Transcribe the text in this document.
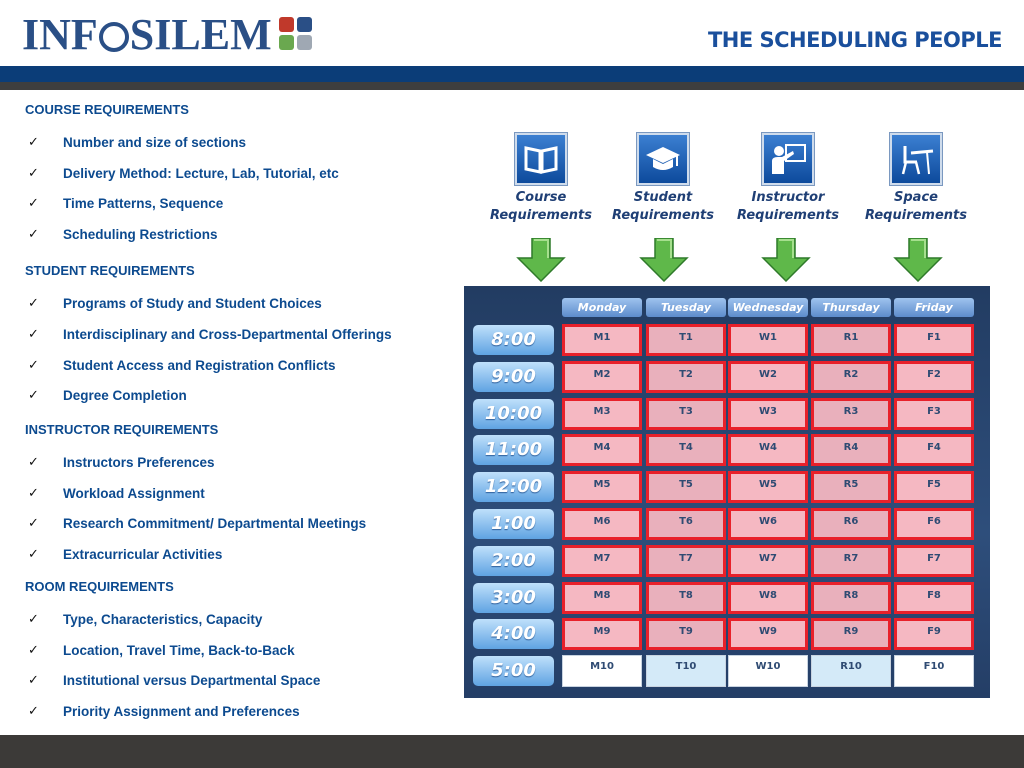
INF SILEM	THE SCHEDULING PEOPLE
COURSE REQUIREMENTS
✓ Number and size of sections
✓ Delivery Method: Lecture, Lab, Tutorial, etc
✓ Time Patterns, Sequence
✓ Scheduling Restrictions
STUDENT REQUIREMENTS
✓ Programs of Study and Student Choices
✓ Interdisciplinary and Cross-Departmental Offerings
✓ Student Access and Registration Conflicts
✓ Degree Completion
INSTRUCTOR REQUIREMENTS
✓ Instructors Preferences
✓ Workload Assignment
✓ Research Commitment/ Departmental Meetings
✓ Extracurricular Activities
ROOM REQUIREMENTS
✓ Type, Characteristics, Capacity
✓ Location, Travel Time, Back-to-Back
✓ Institutional versus Departmental Space
✓ Priority Assignment and Preferences
Course
Requirements
Student
Requirements
Instructor
Requirements
Space
Requirements
Monday	Tuesday	Wednesday	Thursday	Friday
8:00	M1	T1	W1	R1	F1
9:00	M2	T2	W2	R2	F2
10:00	M3	T3	W3	R3	F3
11:00	M4	T4	W4	R4	F4
12:00	M5	T5	W5	R5	F5
1:00	M6	T6	W6	R6	F6
2:00	M7	T7	W7	R7	F7
3:00	M8	T8	W8	R8	F8
4:00	M9	T9	W9	R9	F9
5:00	M10	T10	W10	R10	F10
